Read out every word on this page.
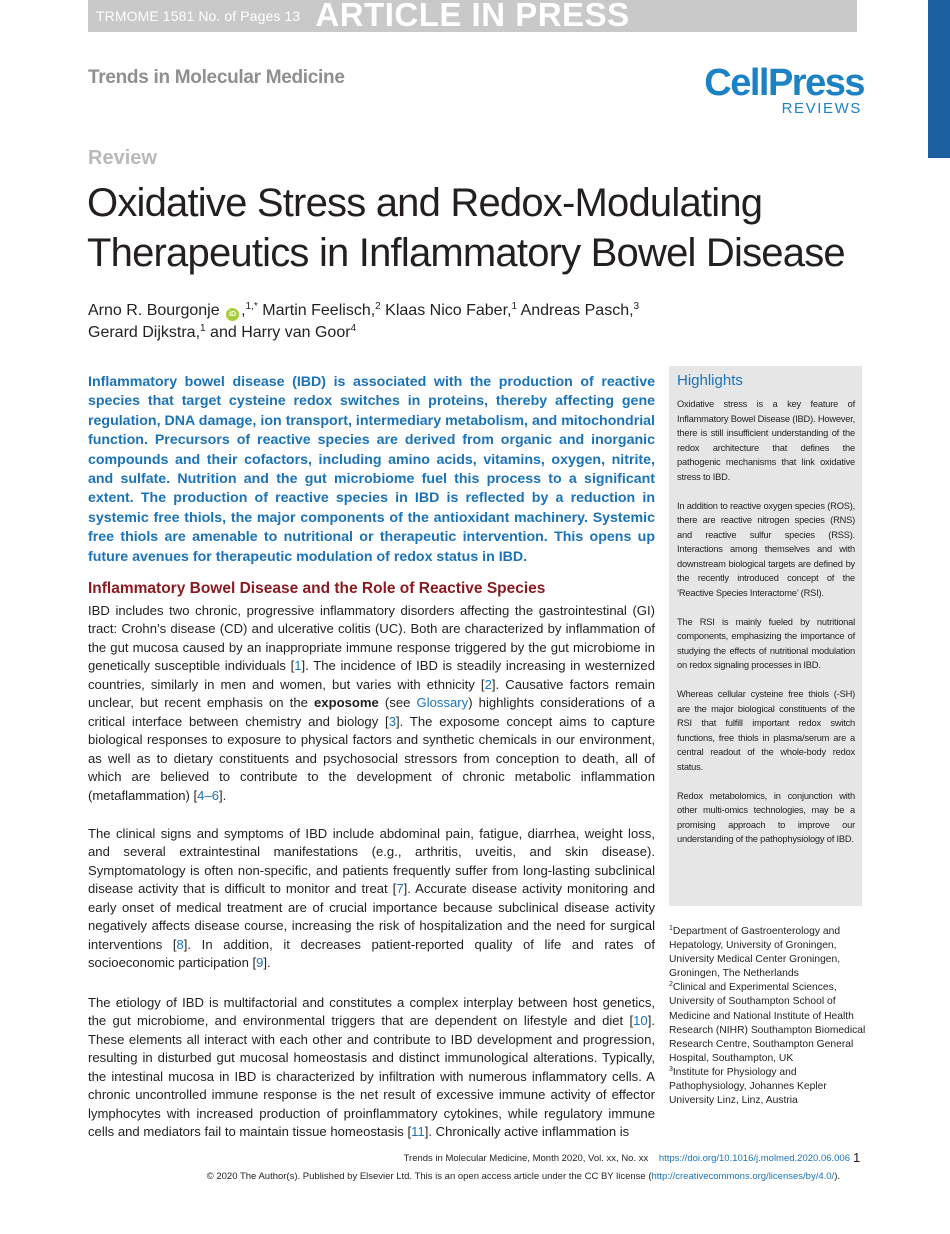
TRMOME 1581 No. of Pages 13 ARTICLE IN PRESS
Trends in Molecular Medicine	CellPress
REVIEWS
Review
Oxidative Stress and Redox-Modulating Therapeutics in Inflammatory Bowel Disease
Arno R. Bourgonje iD ,$^{1,*}$ Martin Feelisch,$^2$ Klaas Nico Faber,$^1$ Andreas Pasch,$^3$
Gerard Dijkstra,$^1$ and Harry van Goor$^4$

Inflammatory bowel disease (IBD) is associated with the production of reactive species that target cysteine redox switches in proteins, thereby affecting gene regulation, DNA damage, ion transport, intermediary metabolism, and mitochondrial function. Precursors of reactive species are derived from organic and inorganic compounds and their cofactors, including amino acids, vitamins, oxygen, nitrite, and sulfate. Nutrition and the gut microbiome fuel this process to a significant extent. The production of reactive species in IBD is reflected by a reduction in systemic free thiols, the major components of the antioxidant machinery. Systemic free thiols are amenable to nutritional or therapeutic intervention. This opens up future avenues for therapeutic modulation of redox status in IBD.

Inflammatory Bowel Disease and the Role of Reactive Species

IBD includes two chronic, progressive inflammatory disorders affecting the gastrointestinal (GI) tract: Crohn’s disease (CD) and ulcerative colitis (UC). Both are characterized by inflammation of the gut mucosa caused by an inappropriate immune response triggered by the gut microbiome in genetically susceptible individuals [1]. The incidence of IBD is steadily increasing in westernized countries, similarly in men and women, but varies with ethnicity [2]. Causative factors remain unclear, but recent emphasis on the exposome (see Glossary) highlights considerations of a critical interface between chemistry and biology [3]. The exposome concept aims to capture biological responses to exposure to physical factors and synthetic chemicals in our environment, as well as to dietary constituents and psychosocial stressors from conception to death, all of which are believed to contribute to the development of chronic metabolic inflammation (metaflammation) [4–6].

The clinical signs and symptoms of IBD include abdominal pain, fatigue, diarrhea, weight loss, and several extraintestinal manifestations (e.g., arthritis, uveitis, and skin disease). Symptomatology is often non-specific, and patients frequently suffer from long-lasting subclinical disease activity that is difficult to monitor and treat [7]. Accurate disease activity monitoring and early onset of medical treatment are of crucial importance because subclinical disease activity negatively affects disease course, increasing the risk of hospitalization and the need for surgical interventions [8]. In addition, it decreases patient-reported quality of life and rates of socioeconomic participation [9].

The etiology of IBD is multifactorial and constitutes a complex interplay between host genetics, the gut microbiome, and environmental triggers that are dependent on lifestyle and diet [10]. These elements all interact with each other and contribute to IBD development and progression, resulting in disturbed gut mucosal homeostasis and distinct immunological alterations. Typically, the intestinal mucosa in IBD is characterized by infiltration with numerous inflammatory cells. A chronic uncontrolled immune response is the net result of excessive immune activity of effector lymphocytes with increased production of proinflammatory cytokines, while regulatory immune cells and mediators fail to maintain tissue homeostasis [11]. Chronically active inflammation is

Highlights

Oxidative stress is a key feature of Inflammatory Bowel Disease (IBD). However, there is still insufficient understanding of the redox architecture that defines the pathogenic mechanisms that link oxidative stress to IBD.

In addition to reactive oxygen species (ROS), there are reactive nitrogen species (RNS) and reactive sulfur species (RSS). Interactions among themselves and with downstream biological targets are defined by the recently introduced concept of the ‘Reactive Species Interactome’ (RSI).

The RSI is mainly fueled by nutritional components, emphasizing the importance of studying the effects of nutritional modulation on redox signaling processes in IBD.

Whereas cellular cysteine free thiols (-SH) are the major biological constituents of the RSI that fulfill important redox switch functions, free thiols in plasma/serum are a central readout of the whole-body redox status.

Redox metabolomics, in conjunction with other multi-omics technologies, may be a promising approach to improve our understanding of the pathophysiology of IBD.

$^1$Department of Gastroenterology and Hepatology, University of Groningen, University Medical Center Groningen, Groningen, The Netherlands

$^2$Clinical and Experimental Sciences, University of Southampton School of Medicine and National Institute of Health Research (NIHR) Southampton Biomedical Research Centre, Southampton General Hospital, Southampton, UK

$^3$Institute for Physiology and Pathophysiology, Johannes Kepler University Linz, Linz, Austria

Trends in Molecular Medicine, Month 2020, Vol. xx, No. xx https://doi.org/10.1016/j.molmed.2020.06.006 1
© 2020 The Author(s). Published by Elsevier Ltd. This is an open access article under the CC BY license (http://creativecommons.org/licenses/by/4.0/).
